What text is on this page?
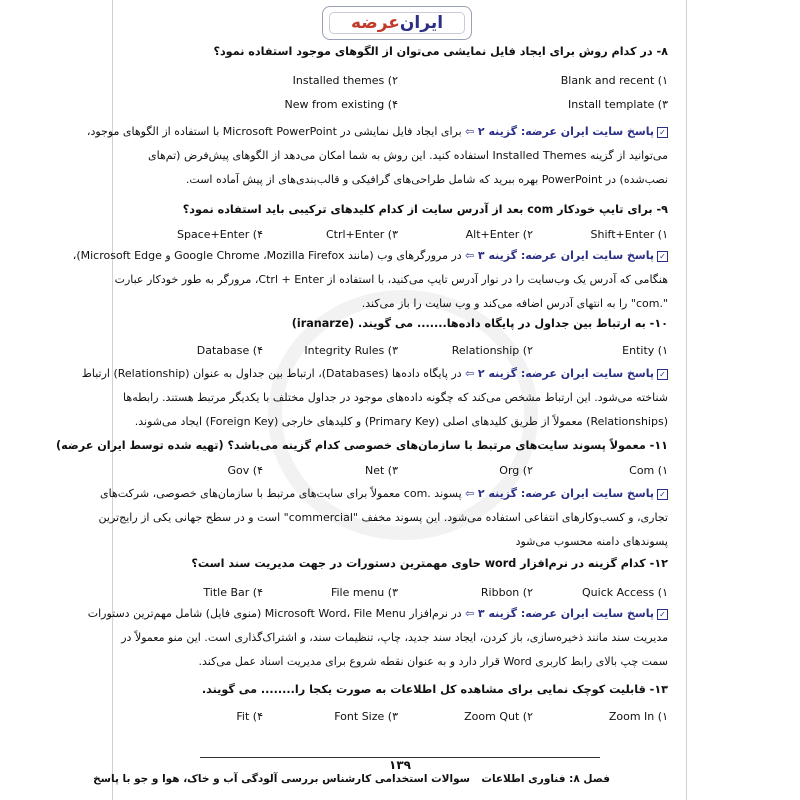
ایران
عرضه
۸- در کدام روش برای ایجاد فایل نمایشی می‌توان از الگوهای موجود استفاده نمود؟
۱) Blank and recent
۲) Installed themes
۳) Install template
۴) New from existing
✓پاسخ سایت ایران عرضه: گزینه ۲ ⇦ برای ایجاد فایل نمایشی در Microsoft PowerPoint با استفاده از الگوهای موجود،
می‌توانید از گزینه Installed Themes استفاده کنید. این روش به شما امکان می‌دهد از الگوهای پیش‌فرض (تم‌های
نصب‌شده) در PowerPoint بهره ببرید که شامل طراحی‌های گرافیکی و قالب‌بندی‌های از پیش آماده است.
۹- برای تایپ خودکار com بعد از آدرس سایت از کدام کلیدهای ترکیبی باید استفاده نمود؟
۱) Shift+Enter
۲) Alt+Enter
۳) Ctrl+Enter
۴) Space+Enter
✓پاسخ سایت ایران عرضه: گزینه ۳ ⇦ در مرورگرهای وب (مانند Google Chrome ،Mozilla Firefox و Microsoft Edge)،
هنگامی که آدرس یک وب‌سایت را در نوار آدرس تایپ می‌کنید، با استفاده از Ctrl + Enter، مرورگر به طور خودکار عبارت
".com" را به انتهای آدرس اضافه می‌کند و وب سایت را باز می‌کند.
۱۰- به ارتباط بین جداول در پایگاه داده‌ها....... می گویند. (iranarze)
۱) Entity
۲) Relationship
۳) Integrity Rules
۴) Database
✓پاسخ سایت ایران عرضه: گزینه ۲ ⇦ در پایگاه داده‌ها (Databases)، ارتباط بین جداول به عنوان (Relationship) ارتباط
شناخته می‌شود. این ارتباط مشخص می‌کند که چگونه داده‌های موجود در جداول مختلف با یکدیگر مرتبط هستند. رابطه‌ها
(Relationships) معمولاً از طریق کلیدهای اصلی (Primary Key) و کلیدهای خارجی (Foreign Key) ایجاد می‌شوند.
۱۱- معمولاً پسوند سایت‌های مرتبط با سازمان‌های خصوصی کدام گزینه می‌باشد؟ (تهیه شده توسط ایران عرضه)
۱) Com
۲) Org
۳) Net
۴) Gov
✓پاسخ سایت ایران عرضه: گزینه ۲ ⇦ پسوند .com معمولاً برای سایت‌های مرتبط با سازمان‌های خصوصی، شرکت‌های
تجاری، و کسب‌وکارهای انتفاعی استفاده می‌شود. این پسوند مخفف "commercial" است و در سطح جهانی یکی از رایج‌ترین
پسوندهای دامنه محسوب می‌شود
۱۲- کدام گزینه در نرم‌افزار word حاوی مهمترین دستورات در جهت مدیریت سند است؟
۱) Quick Access
۲) Ribbon
۳) File menu
۴) Title Bar
✓پاسخ سایت ایران عرضه: گزینه ۳ ⇦ در نرم‌افزار Microsoft Word، File Menu (منوی فایل) شامل مهم‌ترین دستورات
مدیریت سند مانند ذخیره‌سازی، باز کردن، ایجاد سند جدید، چاپ، تنظیمات سند، و اشتراک‌گذاری است. این منو معمولاً در
سمت چپ بالای رابط کاربری Word قرار دارد و به عنوان نقطه شروع برای مدیریت اسناد عمل می‌کند.
۱۳- قابلیت کوچک نمایی برای مشاهده کل اطلاعات به صورت یکجا را........ می گویند.
۱) Zoom In
۲) Zoom Qut
۳) Font Size
۴) Fit
۱۳۹
سوالات استخدامی کارشناس بررسی آلودگی آب و خاک، هوا و جو با پاسخ	فصل ۸: فناوری اطلاعات
